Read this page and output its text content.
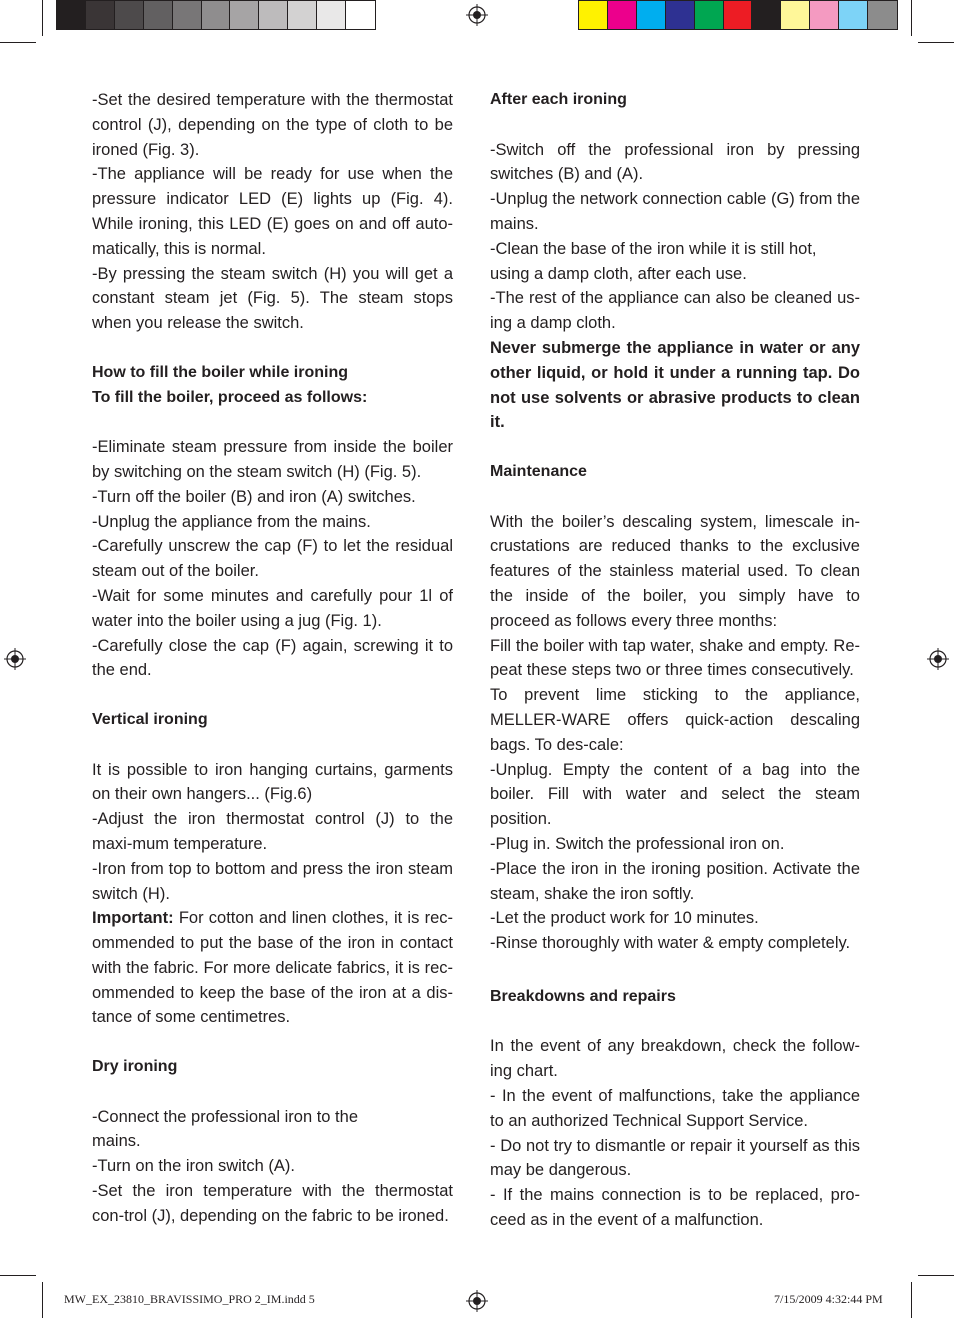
-Set the desired temperature with the thermostat control (J), depending on the type of cloth to be ironed (Fig. 3).

-The appliance will be ready for use when the pressure indicator LED (E) lights up (Fig. 4). While ironing, this LED (E) goes on and off auto-matically, this is normal.

-By pressing the steam switch (H) you will get a constant steam jet (Fig. 5). The steam stops when you release the switch.

How to fill the boiler while ironing

To fill the boiler, proceed as follows:

-Eliminate steam pressure from inside the boiler by switching on the steam switch (H) (Fig. 5).

-Turn off the boiler (B) and iron (A) switches.

-Unplug the appliance from the mains.

-Carefully unscrew the cap (F) to let the residual steam out of the boiler.

-Wait for some minutes and carefully pour 1l of water into the boiler using a jug (Fig. 1).

-Carefully close the cap (F) again, screwing it to the end.

Vertical ironing

It is possible to iron hanging curtains, garments on their own hangers... (Fig.6)

-Adjust the iron thermostat control (J) to the maxi-mum temperature.

-Iron from top to bottom and press the iron steam switch (H).

Important: For cotton and linen clothes, it is rec-ommended to put the base of the iron in contact with the fabric. For more delicate fabrics, it is rec-ommended to keep the base of the iron at a dis-tance of some centimetres.

Dry ironing

-Connect the professional iron to the

mains.

-Turn on the iron switch (A).

-Set the iron temperature with the thermostat con-trol (J), depending on the fabric to be ironed.

After each ironing

-Switch off the professional iron by pressing switches (B) and (A).

-Unplug the network connection cable (G) from the mains.

-Clean the base of the iron while it is still hot,

using a damp cloth, after each use.

-The rest of the appliance can also be cleaned us-ing a damp cloth.

Never submerge the appliance in water or any other liquid, or hold it under a running tap. Do not use solvents or abrasive products to clean it.

Maintenance

With the boiler’s descaling system, limescale in-crustations are reduced thanks to the exclusive features of the stainless material used. To clean the inside of the boiler, you simply have to proceed as follows every three months:

Fill the boiler with tap water, shake and empty. Re-peat these steps two or three times consecutively.

To prevent lime sticking to the appliance, MELLER-WARE offers quick-action descaling bags. To des-cale:

-Unplug. Empty the content of a bag into the boiler. Fill with water and select the steam position.

-Plug in. Switch the professional iron on.

-Place the iron in the ironing position. Activate the steam, shake the iron softly.

-Let the product work for 10 minutes.

-Rinse thoroughly with water & empty completely.

Breakdowns and repairs

In the event of any breakdown, check the follow-ing chart.

- In the event of malfunctions, take the appliance to an authorized Technical Support Service.

- Do not try to dismantle or repair it yourself as this may be dangerous.

- If the mains connection is to be replaced, pro-ceed as in the event of a malfunction.

MW_EX_23810_BRAVISSIMO_PRO 2_IM.indd 5	7/15/2009 4:32:44 PM
